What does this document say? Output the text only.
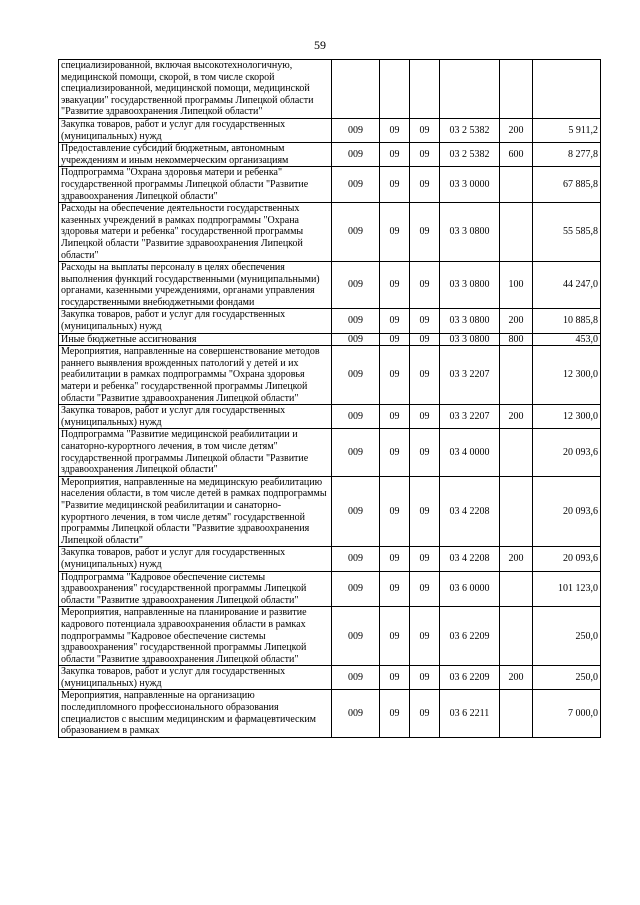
59
специализированной, включая высокотехнологичную, медицинской помощи, скорой, в том числе скорой специализированной, медицинской помощи, медицинской эвакуации" государственной программы Липецкой области "Развитие здравоохранения Липецкой области"						
Закупка товаров, работ и услуг для государственных (муниципальных) нужд	009	09	09	03 2 5382	200	5 911,2
Предоставление субсидий бюджетным, автономным учреждениям и иным некоммерческим организациям	009	09	09	03 2 5382	600	8 277,8
Подпрограмма "Охрана здоровья матери и ребенка" государственной программы Липецкой области "Развитие здравоохранения Липецкой области"	009	09	09	03 3 0000		67 885,8
Расходы на обеспечение деятельности государственных казенных учреждений в рамках подпрограммы "Охрана здоровья матери и ребенка" государственной программы Липецкой области "Развитие здравоохранения Липецкой области"	009	09	09	03 3 0800		55 585,8
Расходы на выплаты персоналу в целях обеспечения выполнения функций государственными (муниципальными) органами, казенными учреждениями, органами управления государственными внебюджетными фондами	009	09	09	03 3 0800	100	44 247,0
Закупка товаров, работ и услуг для государственных (муниципальных) нужд	009	09	09	03 3 0800	200	10 885,8
Иные бюджетные ассигнования	009	09	09	03 3 0800	800	453,0
Мероприятия, направленные на совершенствование методов раннего выявления врожденных патологий у детей и их реабилитации в рамках подпрограммы "Охрана здоровья матери и ребенка" государственной программы Липецкой области "Развитие здравоохранения Липецкой области"	009	09	09	03 3 2207		12 300,0
Закупка товаров, работ и услуг для государственных (муниципальных) нужд	009	09	09	03 3 2207	200	12 300,0
Подпрограмма "Развитие медицинской реабилитации и санаторно-курортного лечения, в том числе детям" государственной программы Липецкой области "Развитие здравоохранения Липецкой области"	009	09	09	03 4 0000		20 093,6
Мероприятия, направленные на медицинскую реабилитацию населения области, в том числе детей в рамках подпрограммы "Развитие медицинской реабилитации и санаторно-курортного лечения, в том числе детям" государственной программы Липецкой области "Развитие здравоохранения Липецкой области"	009	09	09	03 4 2208		20 093,6
Закупка товаров, работ и услуг для государственных (муниципальных) нужд	009	09	09	03 4 2208	200	20 093,6
Подпрограмма "Кадровое обеспечение системы здравоохранения" государственной программы Липецкой области "Развитие здравоохранения Липецкой области"	009	09	09	03 6 0000		101 123,0
Мероприятия, направленные на планирование и развитие кадрового потенциала здравоохранения области в рамках подпрограммы "Кадровое обеспечение системы здравоохранения" государственной программы Липецкой области "Развитие здравоохранения Липецкой области"	009	09	09	03 6 2209		250,0
Закупка товаров, работ и услуг для государственных (муниципальных) нужд	009	09	09	03 6 2209	200	250,0
Мероприятия, направленные на организацию последипломного профессионального образования специалистов с высшим медицинским и фармацевтическим образованием в рамках	009	09	09	03 6 2211		7 000,0
